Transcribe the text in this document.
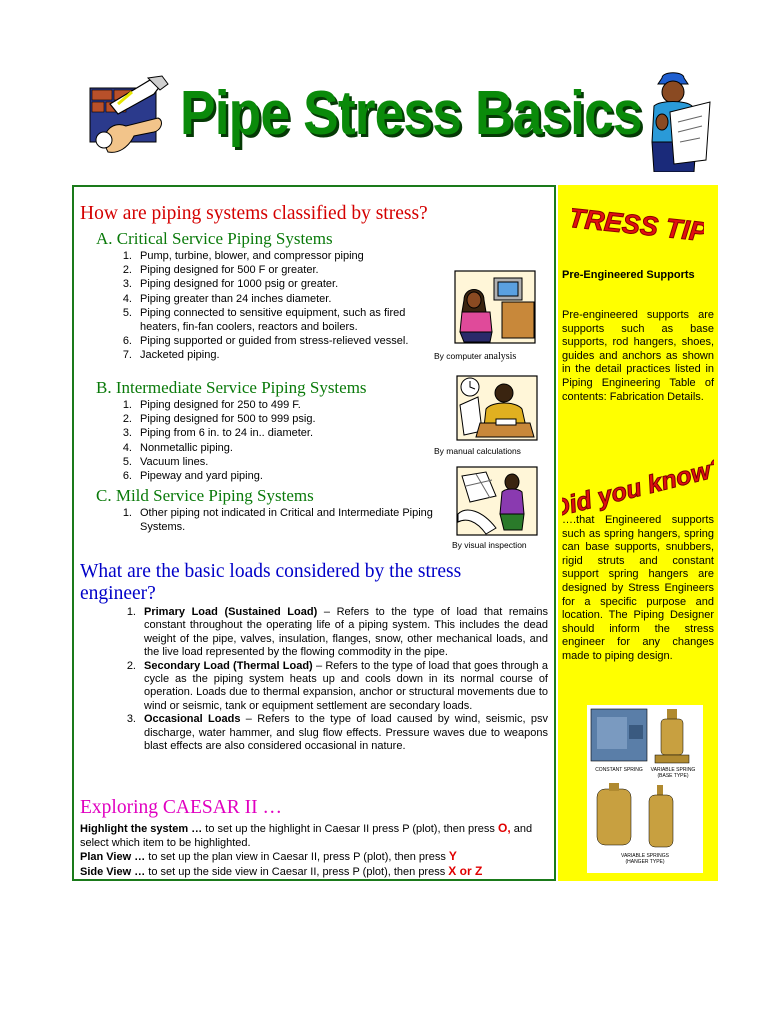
Pipe Stress Basics
How are piping systems classified by stress?
A. Critical Service Piping Systems
1. Pump, turbine, blower, and compressor piping
2. Piping designed for 500 F or greater.
3. Piping designed for 1000 psig or greater.
4. Piping greater than 24 inches diameter.
5. Piping connected to sensitive equipment, such as fired heaters, fin-fan coolers, reactors and boilers.
6. Piping supported or guided from stress-relieved vessel.
7. Jacketed piping.
B. Intermediate Service Piping Systems
1. Piping designed for 250 to 499 F.
2. Piping designed for 500 to 999 psig.
3. Piping from 6 in. to 24 in.. diameter.
4. Nonmetallic piping.
5. Vacuum lines.
6. Pipeway and yard piping.
C. Mild Service Piping Systems
1. Other piping not indicated in Critical and Intermediate Piping Systems.
By computer analysis
By manual calculations
By visual inspection
What are the basic loads considered by the stress engineer?
1. Primary Load (Sustained Load) – Refers to the type of load that remains constant throughout the operating life of a piping system. This includes the dead weight of the pipe, valves, insulation, flanges, snow, other mechanical loads, and the live load represented by the flowing commodity in the pipe.
2. Secondary Load (Thermal Load) – Refers to the type of load that goes through a cycle as the piping system heats up and cools down in its normal course of operation. Loads due to thermal expansion, anchor or structural movements due to wind or seismic, tank or equipment settlement are secondary loads.
3. Occasional Loads – Refers to the type of load caused by wind, seismic, psv discharge, water hammer, and slug flow effects. Pressure waves due to weapons blast effects are also considered occasional in nature.
Exploring CAESAR II …

Highlight the system … to set up the highlight in Caesar II press P (plot), then press O, and select which item to be highlighted.

Plan View … to set up the plan view in Caesar II, press P (plot), then press Y

Side View … to set up the side view in Caesar II, press P (plot), then press X or Z

STRESS TIPS
Pre-Engineered Supports
Pre-engineered supports are supports such as base supports, rod hangers, shoes, guides and anchors as shown in the detail practices listed in Piping Engineering Table of contents: Fabrication Details.
Did you know?
….that Engineered supports such as spring hangers, spring can base supports, snubbers, rigid struts and constant support spring hangers are designed by Stress Engineers for a specific purpose and location. The Piping Designer should inform the stress engineer for any changes made to piping design.
CONSTANT SPRING VARIABLE SPRING
(BASE TYPE)
VARIABLE SPRINGS
(HANGER TYPE)
